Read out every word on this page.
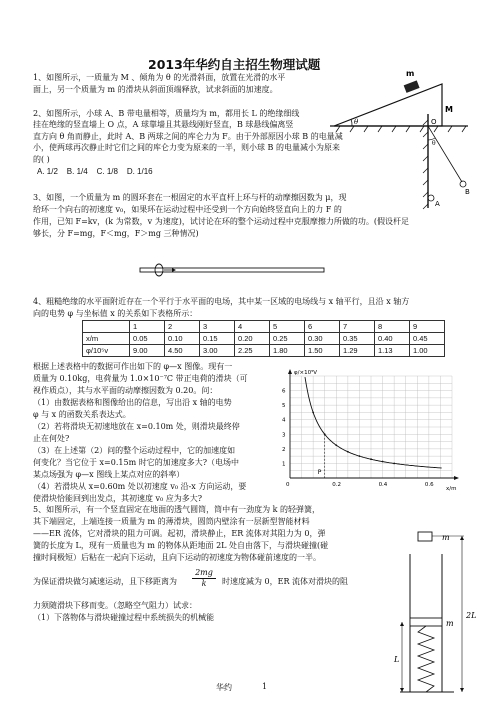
2013年华约自主招生物理试题
1、如图所示，一质量为 M 、倾角为 θ 的光滑斜面，放置在光滑的水平
面上，另一个质量为 m 的滑块从斜面顶端释放，试求斜面的加速度。
θ
m
M
2、如图所示，小球 A、B 带电量相等，质量均为 m，都用长 L 的绝缘细线
挂在绝缘的竖直墙上 O 点，A 球靠墙且其悬线刚好竖直，B 球悬线偏离竖
直方向 θ 角而静止，此时 A、B 两球之间的库仑力为 F。由于外部原因小球 B 的电量减
小，使两球再次静止时它们之间的库仑力变为原来的一半，则小球 B 的电量减小为原来
的( )
A. 1/2 B. 1/4 C. 1/8 D. 1/16
O
θ
A
B
3、如图，一个质量为 m 的圆环套在一根固定的水平直杆上环与杆的动摩擦因数为 μ，现
给环一个向右的初速度 v₀，如果环在运动过程中还受到一个方向始终竖直向上的力 F 的
作用，已知 F=kv，(k 为常数，v 为速度)，试讨论在环的整个运动过程中克服摩擦力所做的功。(假设杆足
够长，分 F=mg，F＜mg，F＞mg 三种情况)
4、粗糙绝缘的水平面附近存在一个平行于水平面的电场，其中某一区域的电场线与 x 轴平行，且沿 x 轴方
向的电势 φ 与坐标值 x 的关系如下表格所示：
	1	2	3	4	5	6	7	8	9
x/m	0.05	0.10	0.15	0.20	0.25	0.30	0.35	0.40	0.45
φ/10⁵v	9.00	4.50	3.00	2.25	1.80	1.50	1.29	1.13	1.00
根据上述表格中的数据可作出如下的 φ—x 图像。现有一
质量为 0.10kg，电荷量为 1.0×10⁻⁷C 带正电荷的滑块（可
视作质点），其与水平面的动摩擦因数为 0.20。问：
（1）由数据表格和图像给出的信息，写出沿 x 轴的电势
φ 与 x 的函数关系表达式。
（2）若将滑块无初速地放在 x=0.10m 处，则滑块最终停
止在何处?
（3）在上述第（2）问的整个运动过程中，它的加速度如
何变化？当它位于 x=0.15m 时它的加速度多大?（电场中
某点场强为 φ—x 图线上某点对应的斜率）
（4）若滑块从 x=0.60m 处以初速度 v₀ 沿-x 方向运动，要
使滑块恰能回到出发点，其初速度 v₀ 应为多大?
φ/×10⁵V
x/m
1
2
3
4
5
6
0	0.2	0.4	0.6
P
5、如图所示，有一个竖直固定在地面的透气圆筒，筒中有一劲度为 k 的轻弹簧，
其下端固定，上端连接一质量为 m 的薄滑块，圆筒内壁涂有一层新型智能材料
——ER 流体，它对滑块的阻力可调。起初，滑块静止，ER 流体对其阻力为 0，弹
簧的长度为 L，现有一质量也为 m 的物体从距地面 2L 处自由落下，与滑块碰撞(碰
撞时间极短）后粘在一起向下运动，且向下运动的初速度为物体碰前速度的一半。
为保证滑块做匀减速运动，且下移距离为 $\frac{2mg}{k}$ 时速度减为 0，ER 流体对滑块的阻
力须随滑块下移而变。（忽略空气阻力）试求：
（1）下落物体与滑块碰撞过程中系统损失的机械能
m
m
L
2L
华约	1
